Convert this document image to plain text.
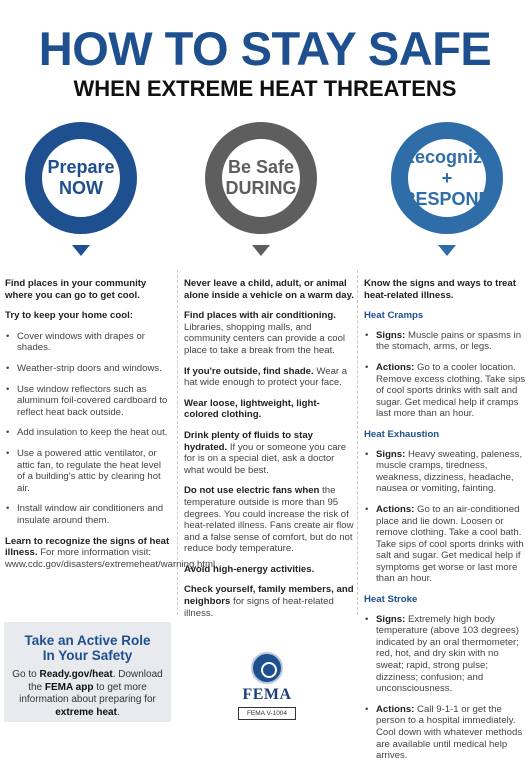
HOW TO STAY SAFE
WHEN EXTREME HEAT THREATENS
Prepare
NOW
Be Safe
DURING
Recognize
+ RESPOND

Find places in your community where you can go to get cool.

Try to keep your home cool:

• Cover windows with drapes or shades.
• Weather-strip doors and windows.
• Use window reflectors such as aluminum foil-covered cardboard to reflect heat back outside.
• Add insulation to keep the heat out.
• Use a powered attic ventilator, or attic fan, to regulate the heat level of a building's attic by clearing hot air.
• Install window air conditioners and insulate around them.

Learn to recognize the signs of heat illness. For more information visit: www.cdc.gov/disasters/extremeheat/warning.html.

Never leave a child, adult, or animal alone inside a vehicle on a warm day.

Find places with air conditioning. Libraries, shopping malls, and community centers can provide a cool place to take a break from the heat.

If you're outside, find shade. Wear a hat wide enough to protect your face.

Wear loose, lightweight, light-colored clothing.

Drink plenty of fluids to stay hydrated. If you or someone you care for is on a special diet, ask a doctor what would be best.

Do not use electric fans when the temperature outside is more than 95 degrees. You could increase the risk of heat-related illness. Fans create air flow and a false sense of comfort, but do not reduce body temperature.

Avoid high-energy activities.

Check yourself, family members, and neighbors for signs of heat-related illness.

Know the signs and ways to treat heat-related illness.

Heat Cramps
• Signs: Muscle pains or spasms in the stomach, arms, or legs.
• Actions: Go to a cooler location. Remove excess clothing. Take sips of cool sports drinks with salt and sugar. Get medical help if cramps last more than an hour.
Heat Exhaustion
• Signs: Heavy sweating, paleness, muscle cramps, tiredness, weakness, dizziness, headache, nausea or vomiting, fainting.
• Actions: Go to an air-conditioned place and lie down. Loosen or remove clothing. Take a cool bath. Take sips of cool sports drinks with salt and sugar. Get medical help if symptoms get worse or last more than an hour.
Heat Stroke
• Signs: Extremely high body temperature (above 103 degrees) indicated by an oral thermometer; red, hot, and dry skin with no sweat; rapid, strong pulse; dizziness; confusion; and unconsciousness.
• Actions: Call 9-1-1 or get the person to a hospital immediately. Cool down with whatever methods are available until medical help arrives.
Take an Active Role
In Your Safety
Go to Ready.gov/heat. Download the FEMA app to get more information about preparing for extreme heat.
FEMA
FEMA V-1004
